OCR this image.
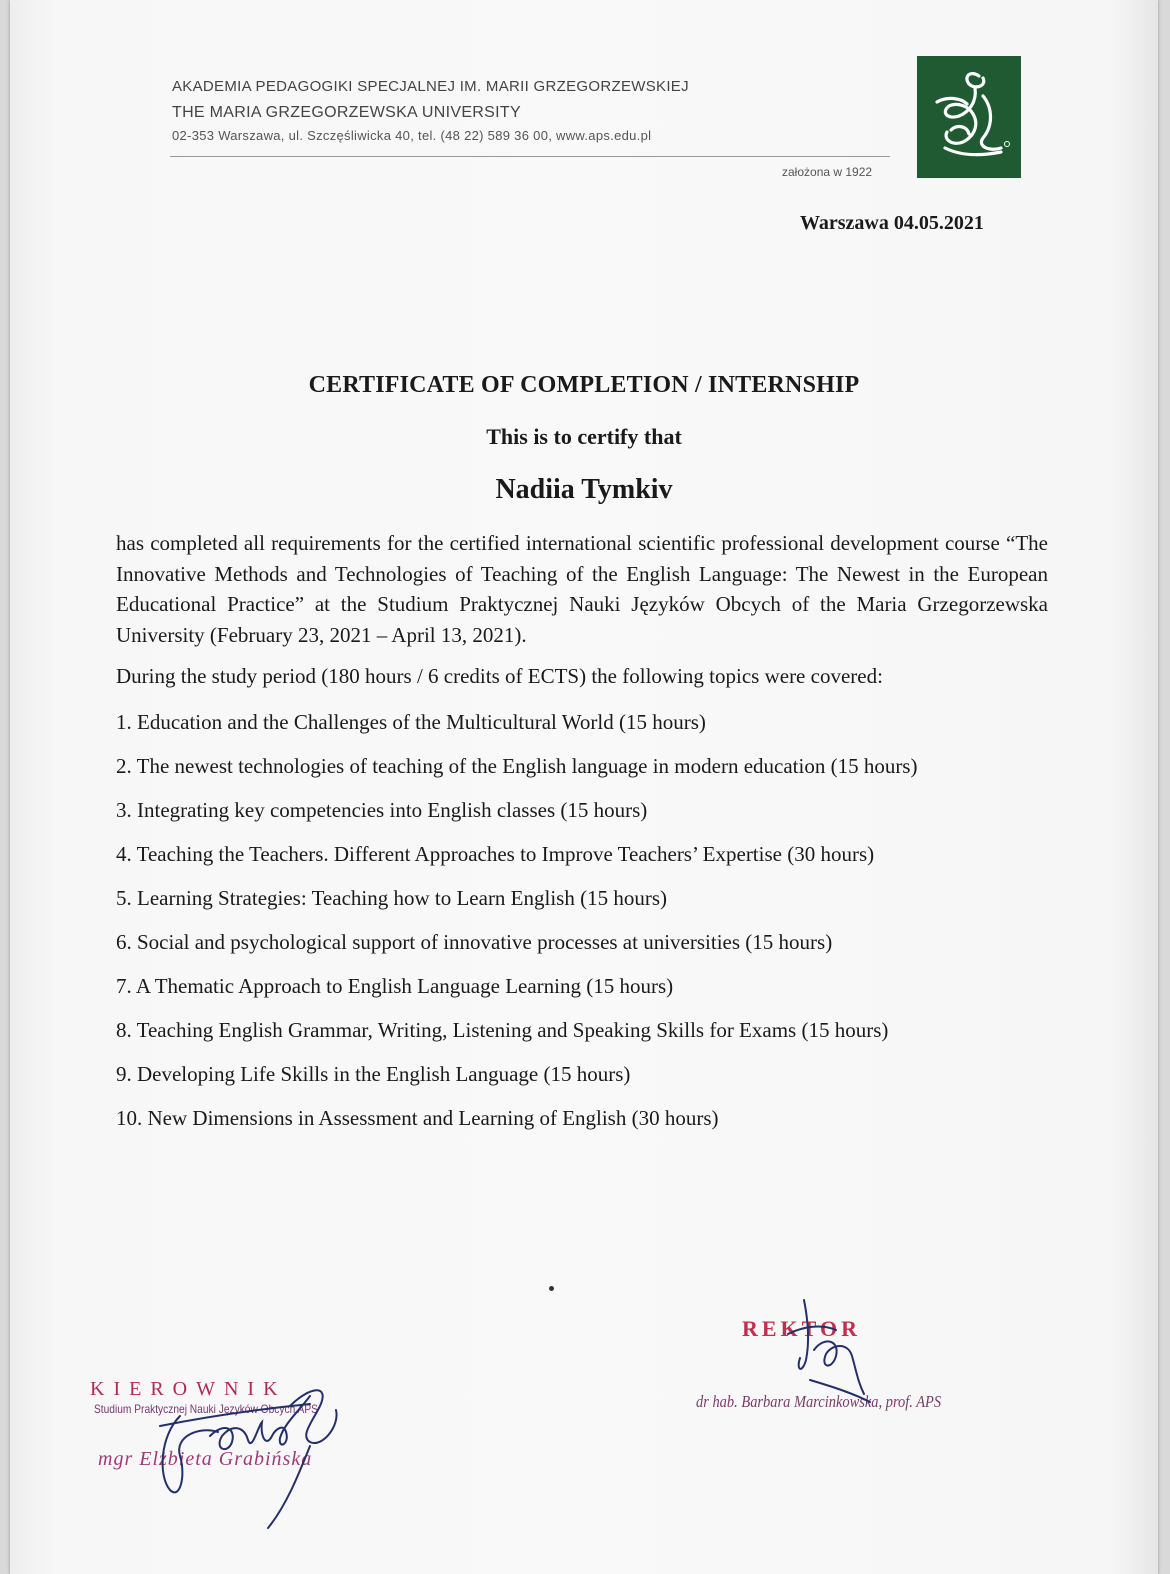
AKADEMIA PEDAGOGIKI SPECJALNEJ IM. MARII GRZEGORZEWSKIEJ
THE MARIA GRZEGORZEWSKA UNIVERSITY
02-353 Warszawa, ul. Szczęśliwicka 40, tel. (48 22) 589 36 00, www.aps.edu.pl
założona w 1922
Warszawa 04.05.2021
CERTIFICATE OF COMPLETION / INTERNSHIP
This is to certify that
Nadiia Tymkiv
has completed all requirements for the certified international scientific professional development course “The Innovative Methods and Technologies of Teaching of the English Language: The Newest in the European Educational Practice” at the Studium Praktycznej Nauki Języków Obcych of the Maria Grzegorzewska University (February 23, 2021 – April 13, 2021).
During the study period (180 hours / 6 credits of ECTS) the following topics were covered:
1. Education and the Challenges of the Multicultural World (15 hours)
2. The newest technologies of teaching of the English language in modern education (15 hours)
3. Integrating key competencies into English classes (15 hours)
4. Teaching the Teachers. Different Approaches to Improve Teachers’ Expertise (30 hours)
5. Learning Strategies: Teaching how to Learn English (15 hours)
6. Social and psychological support of innovative processes at universities (15 hours)
7. A Thematic Approach to English Language Learning (15 hours)
8. Teaching English Grammar, Writing, Listening and Speaking Skills for Exams (15 hours)
9. Developing Life Skills in the English Language (15 hours)
10. New Dimensions in Assessment and Learning of English (30 hours)
KIEROWNIK
Studium Praktycznej Nauki Języków Obcych APS
mgr Elżbieta Grabińska
REKTOR
dr hab. Barbara Marcinkowska, prof. APS
